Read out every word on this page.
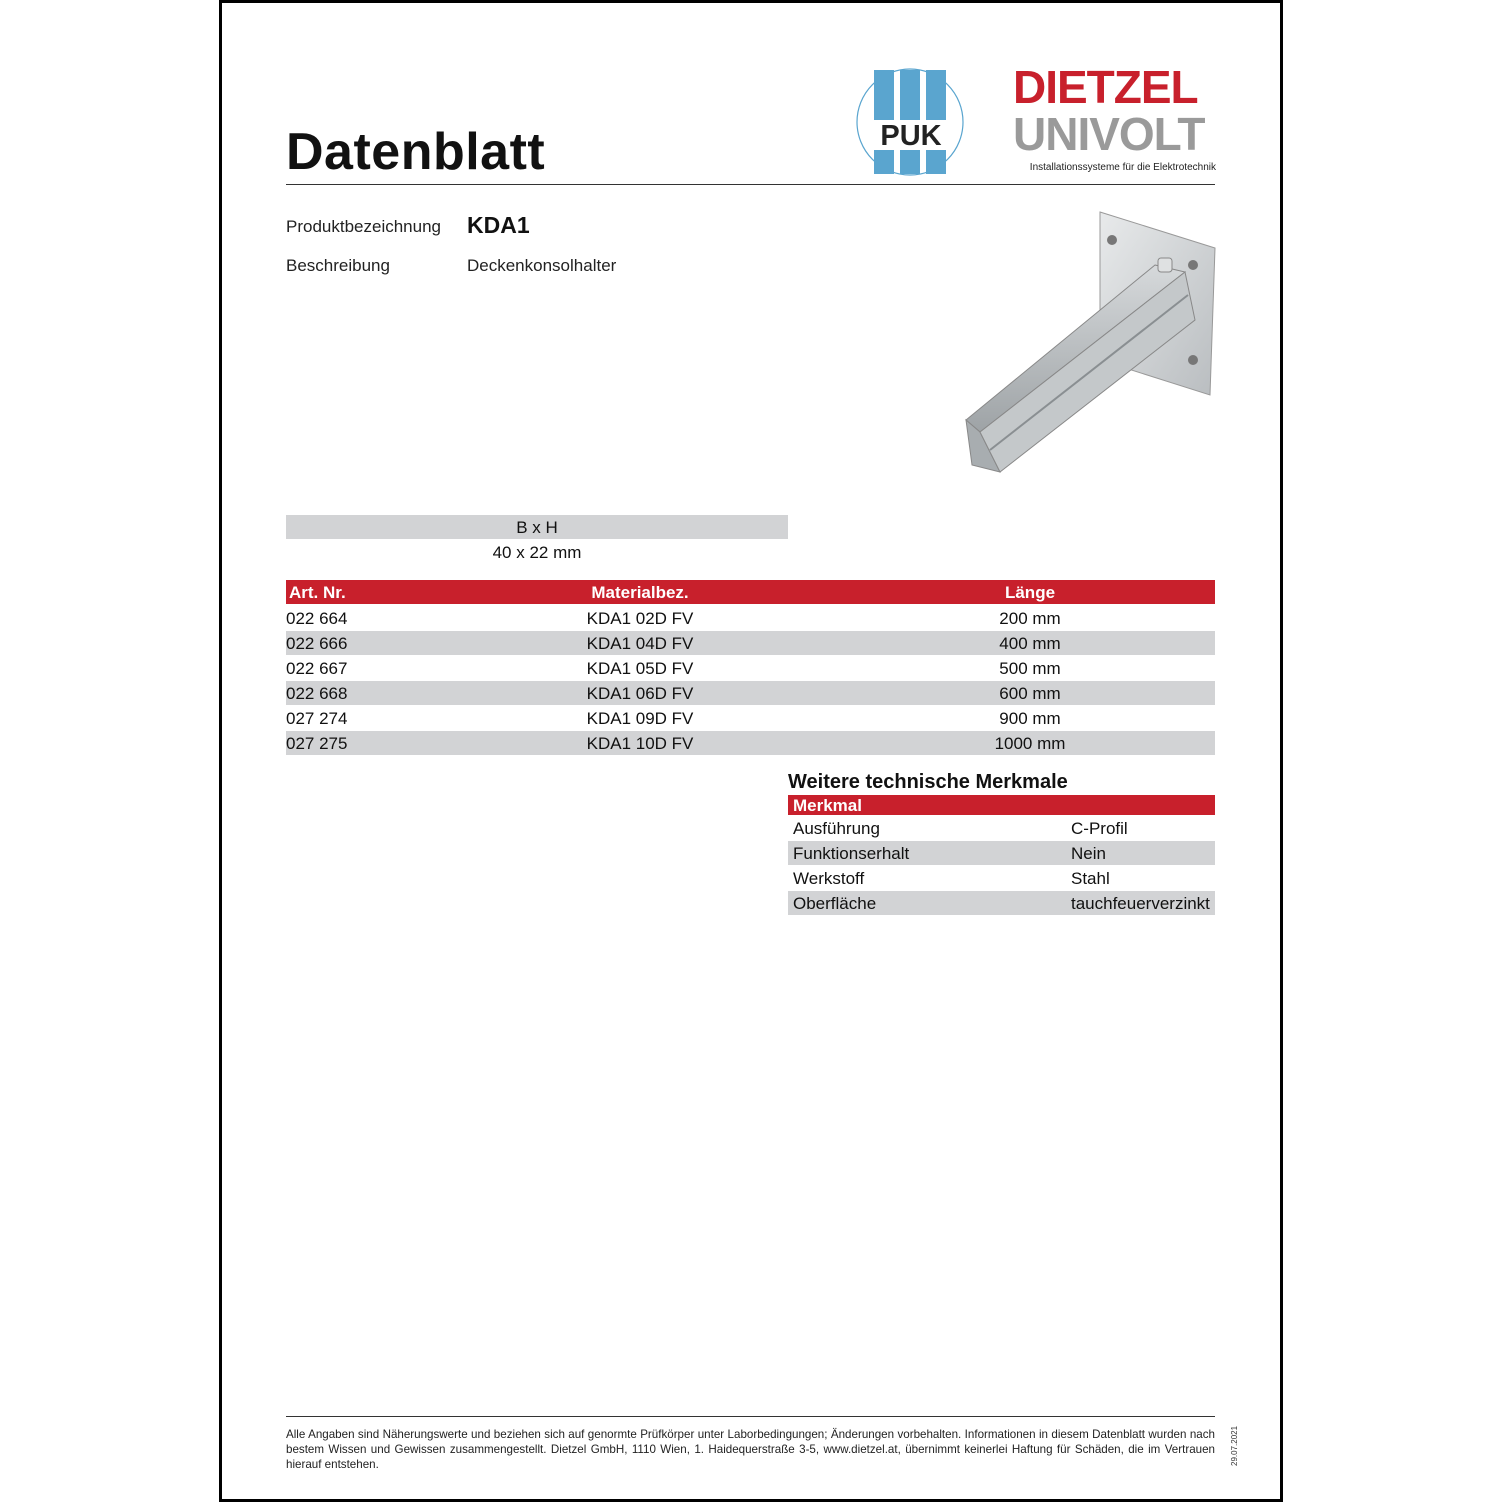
Datenblatt	PUK
DIETZEL
UNIVOLT
Installationssysteme für die Elektrotechnik
Produktbezeichnung KDA1
Beschreibung	Deckenkonsolhalter
B x H
40 x 22 mm
Art. Nr.	Materialbez.	Länge
022 664	KDA1 02D FV	200 mm
022 666	KDA1 04D FV	400 mm
022 667	KDA1 05D FV	500 mm
022 668	KDA1 06D FV	600 mm
027 274	KDA1 09D FV	900 mm
027 275	KDA1 10D FV	1000 mm
Weitere technische Merkmale
Merkmal
Ausführung	C-Profil
Funktionserhalt	Nein
Werkstoff	Stahl
Oberfläche	tauchfeuerverzinkt
Alle Angaben sind Näherungswerte und beziehen sich auf genormte Prüfkörper unter Laborbedingungen; Änderungen vorbehalten. Informationen in diesem Datenblatt wurden nach bestem Wissen und Gewissen zusammengestellt. Dietzel GmbH, 1110 Wien, 1. Haidequerstraße 3-5, www.dietzel.at, übernimmt keinerlei Haftung für Schäden, die im Vertrauen hierauf entstehen.	29.07.2021
